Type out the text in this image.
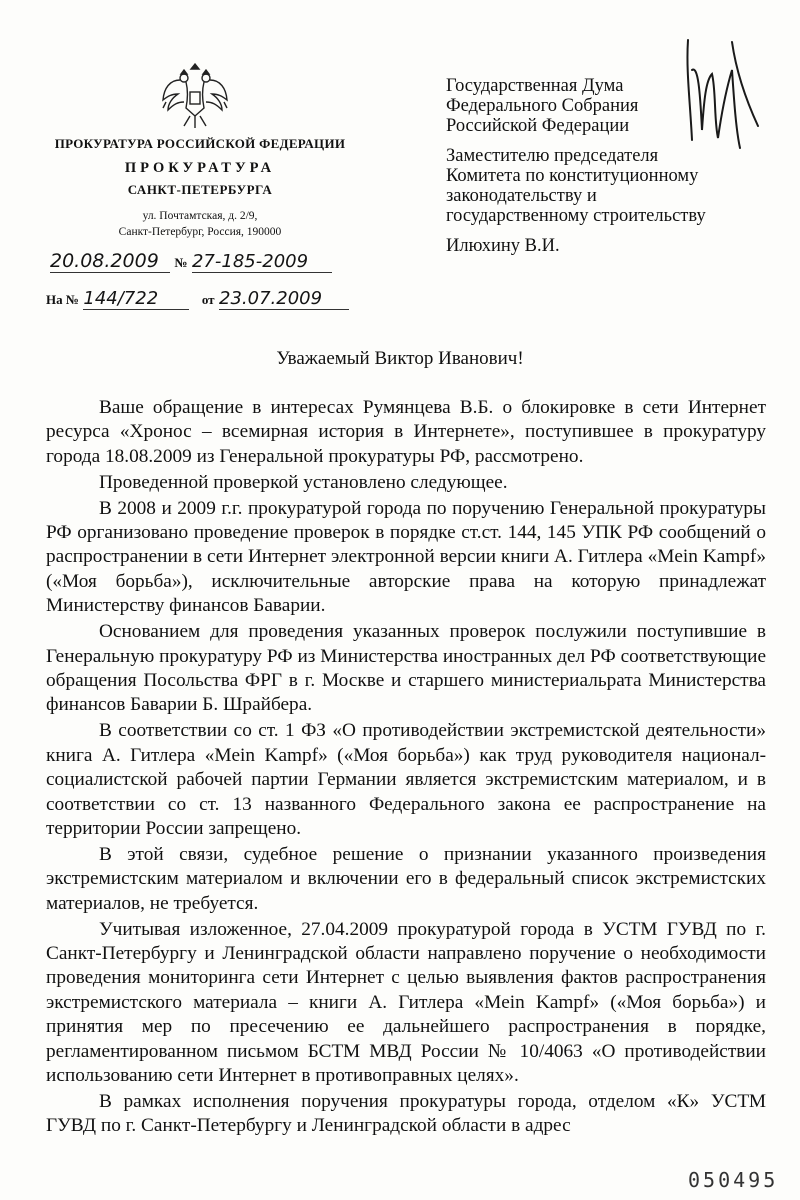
ПРОКУРАТУРА РОССИЙСКОЙ ФЕДЕРАЦИИ
ПРОКУРАТУРА
САНКТ-ПЕТЕРБУРГА
ул. Почтамтская, д. 2/9,
Санкт-Петербург, Россия, 190000
20.08.2009 № 27-185-2009
На № 144/722	от 23.07.2009
Государственная Дума
Федерального Собрания
Российской Федерации
Заместителю председателя
Комитета по конституционному
законодательству и
государственному строительству
Илюхину В.И.
Уважаемый Виктор Иванович!

Ваше обращение в интересах Румянцева В.Б. о блокировке в сети Интернет ресурса «Хронос – всемирная история в Интернете», поступившее в прокуратуру города 18.08.2009 из Генеральной прокуратуры РФ, рассмотрено.

Проведенной проверкой установлено следующее.

В 2008 и 2009 г.г. прокуратурой города по поручению Генеральной прокуратуры РФ организовано проведение проверок в порядке ст.ст. 144, 145 УПК РФ сообщений о распространении в сети Интернет электронной версии книги А. Гитлера «Mein Kampf» («Моя борьба»), исключительные авторские права на которую принадлежат Министерству финансов Баварии.

Основанием для проведения указанных проверок послужили поступившие в Генеральную прокуратуру РФ из Министерства иностранных дел РФ соответствующие обращения Посольства ФРГ в г. Москве и старшего министериальрата Министерства финансов Баварии Б. Шрайбера.

В соответствии со ст. 1 ФЗ «О противодействии экстремистской деятельности» книга А. Гитлера «Mein Kampf» («Моя борьба») как труд руководителя национал-социалистской рабочей партии Германии является экстремистским материалом, и в соответствии со ст. 13 названного Федерального закона ее распространение на территории России запрещено.

В этой связи, судебное решение о признании указанного произведения экстремистским материалом и включении его в федеральный список экстремистских материалов, не требуется.

Учитывая изложенное, 27.04.2009 прокуратурой города в УСТМ ГУВД по г. Санкт-Петербургу и Ленинградской области направлено поручение о необходимости проведения мониторинга сети Интернет с целью выявления фактов распространения экстремистского материала – книги А. Гитлера «Mein Kampf» («Моя борьба») и принятия мер по пресечению ее дальнейшего распространения в порядке, регламентированном письмом БСТМ МВД России № 10/4063 «О противодействии использованию сети Интернет в противоправных целях».

В рамках исполнения поручения прокуратуры города, отделом «К» УСТМ ГУВД по г. Санкт-Петербургу и Ленинградской области в адрес

050495
